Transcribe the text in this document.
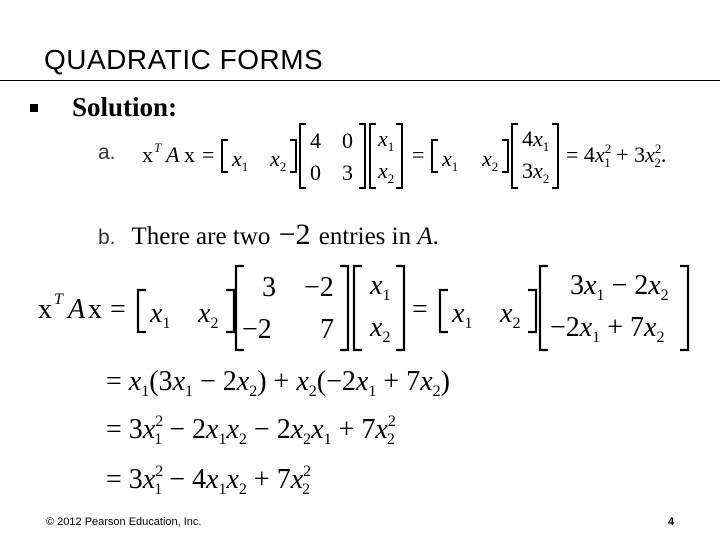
QUADRATIC FORMS
Solution:
a. x T A $x = x_1$ $x_2$
4 0
0 3
$x_1$
$x_2$
= $x_1$ $x_2$
$4x_1$
$3x_2$
= $4x^2$ $1 + 3x^2$ 2.
b. There are two −2 entries in A.
x T A $x = x_1$ $x_2$
3 −2
−2 7
$x_1$
$x_2$
= $x_1$ $x_2$
$3x_1 - 2x_2$
$-2x_1 + 7x_2$
= $x_1(3x_1 - 2x_2) + x_2(-2x_1 + 7x_2)$
= $3x^2$ $1 - 2x_1x_2 - 2x_2x_1 + 7x^2$ 2
= $3x^2$ $1 - 4x_1x_2 + 7x^2$ 2
© 2012 Pearson Education, Inc.	4
